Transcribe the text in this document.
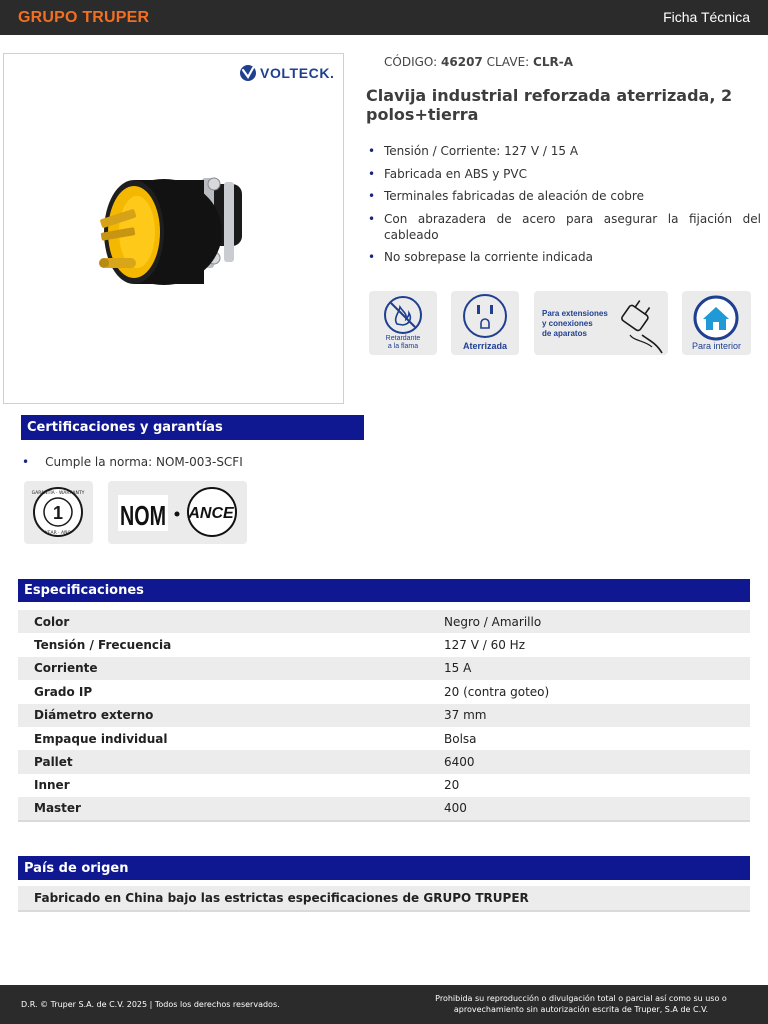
GRUPO TRUPER	Ficha Técnica
VOLTECK.
CÓDIGO: 46207 CLAVE: CLR-A
Clavija industrial reforzada aterrizada, 2 polos+tierra
• Tensión / Corriente: 127 V / 15 A
• Fabricada en ABS y PVC
• Terminales fabricadas de aleación de cobre
• Con abrazadera de acero para asegurar la fijación del cableado
• No sobrepase la corriente indicada
Retardante
a la flama	Aterrizada
Para extensiones
y conexiones
de aparatos
Para interior
Certificaciones y garantías
• Cumple la norma: NOM-003-SCFI
1
GARANTÍA · WARRANTY
YEAR · AÑO
NOM ANCE
Especificaciones
Color	Negro / Amarillo
Tensión / Frecuencia	127 V / 60 Hz
Corriente	15 A
Grado IP	20 (contra goteo)
Diámetro externo	37 mm
Empaque individual	Bolsa
Pallet	6400
Inner	20
Master	400
País de origen
Fabricado en China bajo las estrictas especificaciones de GRUPO TRUPER
D.R. © Truper S.A. de C.V. 2025 | Todos los derechos reservados.
Prohibida su reproducción o divulgación total o parcial así como su uso o
aprovechamiento sin autorización escrita de Truper, S.A de C.V.
